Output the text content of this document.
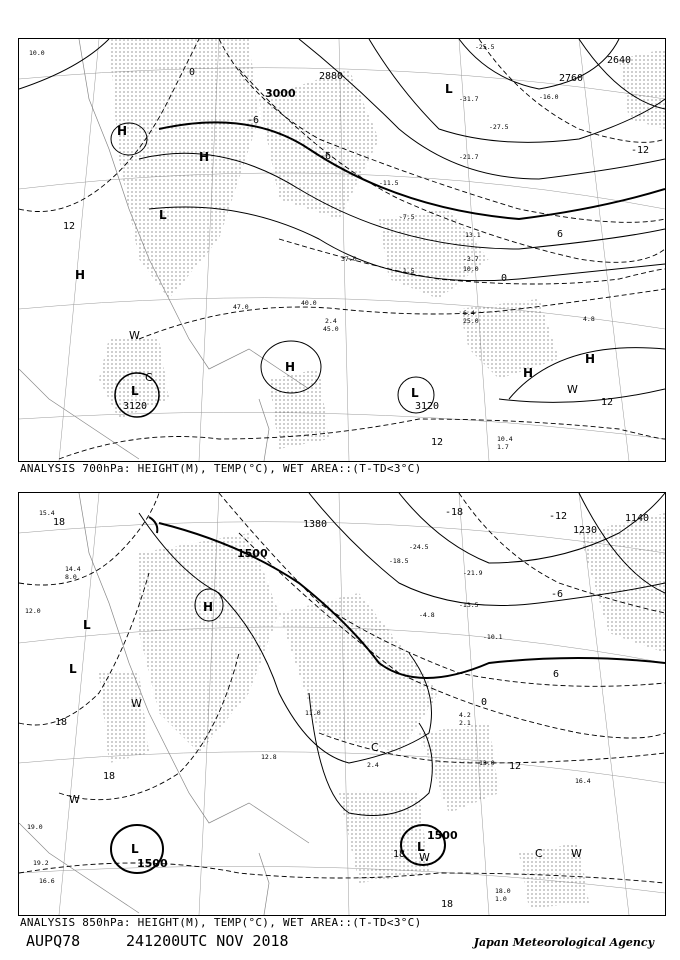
10.0
-25.5
-27.5
-31.7	-16.0
-21.7
-11.5
-7.5
-1.5
6.4
13.1
10.4
1.7
-3.7
10.0
4.8
25.0
45.0
40.0
2.4
47.0
37.0
3000
2880	2760
2640
3120	3120
12
0
-6
-12
6
12
12
0
-6
H
H
L
H
H
L	L
H
H
L
W
W
C
ANALYSIS 700hPa: HEIGHT(M), TEMP(°C), WET AREA::(T-TD<3°C)
15.4
14.4
12.0
8.0
-24.5
-21.9
-18.5
-13.5
-10.1
-4.8
4.2
2.1
13.0
19.0
16.4
18.0
1.0
11.0
12.8
2.4
19.2
16.6
1500
1380
1230
1140
1500
1500
18
18
18
-18	-12
-6
12
18
6
0
18
H
L
L	L
L
W
W
C	W
W
C
ANALYSIS 850hPa: HEIGHT(M), TEMP(°C), WET AREA::(T-TD<3°C)
AUPQ78	241200UTC NOV 2018	Japan Meteorological Agency
